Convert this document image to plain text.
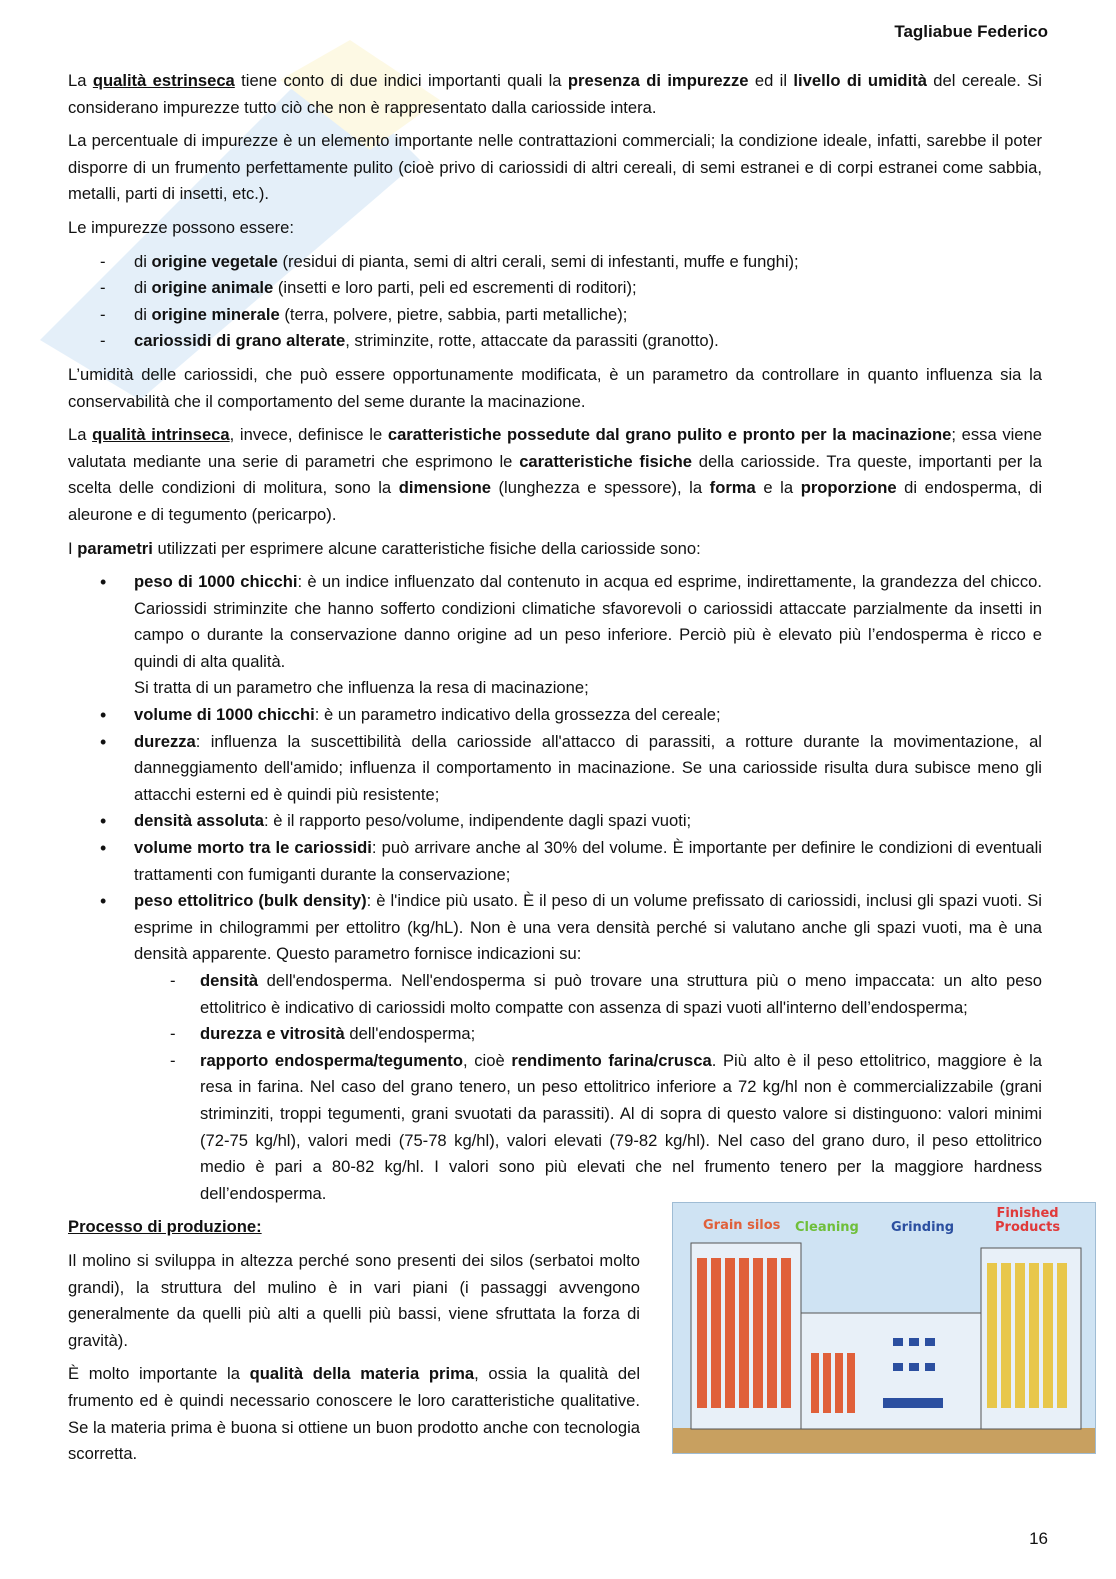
Tagliabue Federico

La qualità estrinseca tiene conto di due indici importanti quali la presenza di impurezze ed il livello di umidità del cereale. Si considerano impurezze tutto ciò che non è rappresentato dalla cariosside intera.

La percentuale di impurezze è un elemento importante nelle contrattazioni commerciali; la condizione ideale, infatti, sarebbe il poter disporre di un frumento perfettamente pulito (cioè privo di cariossidi di altri cereali, di semi estranei e di corpi estranei come sabbia, metalli, parti di insetti, etc.).

Le impurezze possono essere:

- di origine vegetale (residui di pianta, semi di altri cerali, semi di infestanti, muffe e funghi);
- di origine animale (insetti e loro parti, peli ed escrementi di roditori);
- di origine minerale (terra, polvere, pietre, sabbia, parti metalliche);
- cariossidi di grano alterate, striminzite, rotte, attaccate da parassiti (granotto).

L’umidità delle cariossidi, che può essere opportunamente modificata, è un parametro da controllare in quanto influenza sia la conservabilità che il comportamento del seme durante la macinazione.

La qualità intrinseca, invece, definisce le caratteristiche possedute dal grano pulito e pronto per la macinazione; essa viene valutata mediante una serie di parametri che esprimono le caratteristiche fisiche della cariosside. Tra queste, importanti per la scelta delle condizioni di molitura, sono la dimensione (lunghezza e spessore), la forma e la proporzione di endosperma, di aleurone e di tegumento (pericarpo).

I parametri utilizzati per esprimere alcune caratteristiche fisiche della cariosside sono:

• peso di 1000 chicchi: è un indice influenzato dal contenuto in acqua ed esprime, indirettamente, la grandezza del chicco. Cariossidi striminzite che hanno sofferto condizioni climatiche sfavorevoli o cariossidi attaccate parzialmente da insetti in campo o durante la conservazione danno origine ad un peso inferiore. Perciò più è elevato più l’endosperma è ricco e quindi di alta qualità.
Si tratta di un parametro che influenza la resa di macinazione;
• volume di 1000 chicchi: è un parametro indicativo della grossezza del cereale;
• durezza: influenza la suscettibilità della cariosside all'attacco di parassiti, a rotture durante la movimentazione, al danneggiamento dell'amido; influenza il comportamento in macinazione. Se una cariosside risulta dura subisce meno gli attacchi esterni ed è quindi più resistente;
• densità assoluta: è il rapporto peso/volume, indipendente dagli spazi vuoti;
• volume morto tra le cariossidi: può arrivare anche al 30% del volume. È importante per definire le condizioni di eventuali trattamenti con fumiganti durante la conservazione;
• peso ettolitrico (bulk density): è l'indice più usato. È il peso di un volume prefissato di cariossidi, inclusi gli spazi vuoti. Si esprime in chilogrammi per ettolitro (kg/hL). Non è una vera densità perché si valutano anche gli spazi vuoti, ma è una densità apparente. Questo parametro fornisce indicazioni su:
- densità dell'endosperma. Nell'endosperma si può trovare una struttura più o meno impaccata: un alto peso ettolitrico è indicativo di cariossidi molto compatte con assenza di spazi vuoti all'interno dell’endosperma;
- durezza e vitrosità dell'endosperma;
- rapporto endosperma/tegumento, cioè rendimento farina/crusca. Più alto è il peso ettolitrico, maggiore è la resa in farina. Nel caso del grano tenero, un peso ettolitrico inferiore a 72 kg/hl non è commercializzabile (grani striminziti, troppi tegumenti, grani svuotati da parassiti). Al di sopra di questo valore si distinguono: valori minimi (72-75 kg/hl), valori medi (75-78 kg/hl), valori elevati (79-82 kg/hl). Nel caso del grano duro, il peso ettolitrico medio è pari a 80-82 kg/hl. I valori sono più elevati che nel frumento tenero per la maggiore hardness dell’endosperma.

Processo di produzione:

Il molino si sviluppa in altezza perché sono presenti dei silos (serbatoi molto grandi), la struttura del mulino è in vari piani (i passaggi avvengono generalmente da quelli più alti a quelli più bassi, viene sfruttata la forza di gravità).

È molto importante la qualità della materia prima, ossia la qualità del frumento ed è quindi necessario conoscere le loro caratteristiche qualitative. Se la materia prima è buona si ottiene un buon prodotto anche con tecnologia scorretta.

Grain silos Cleaning Grinding
Finished
Products
16
